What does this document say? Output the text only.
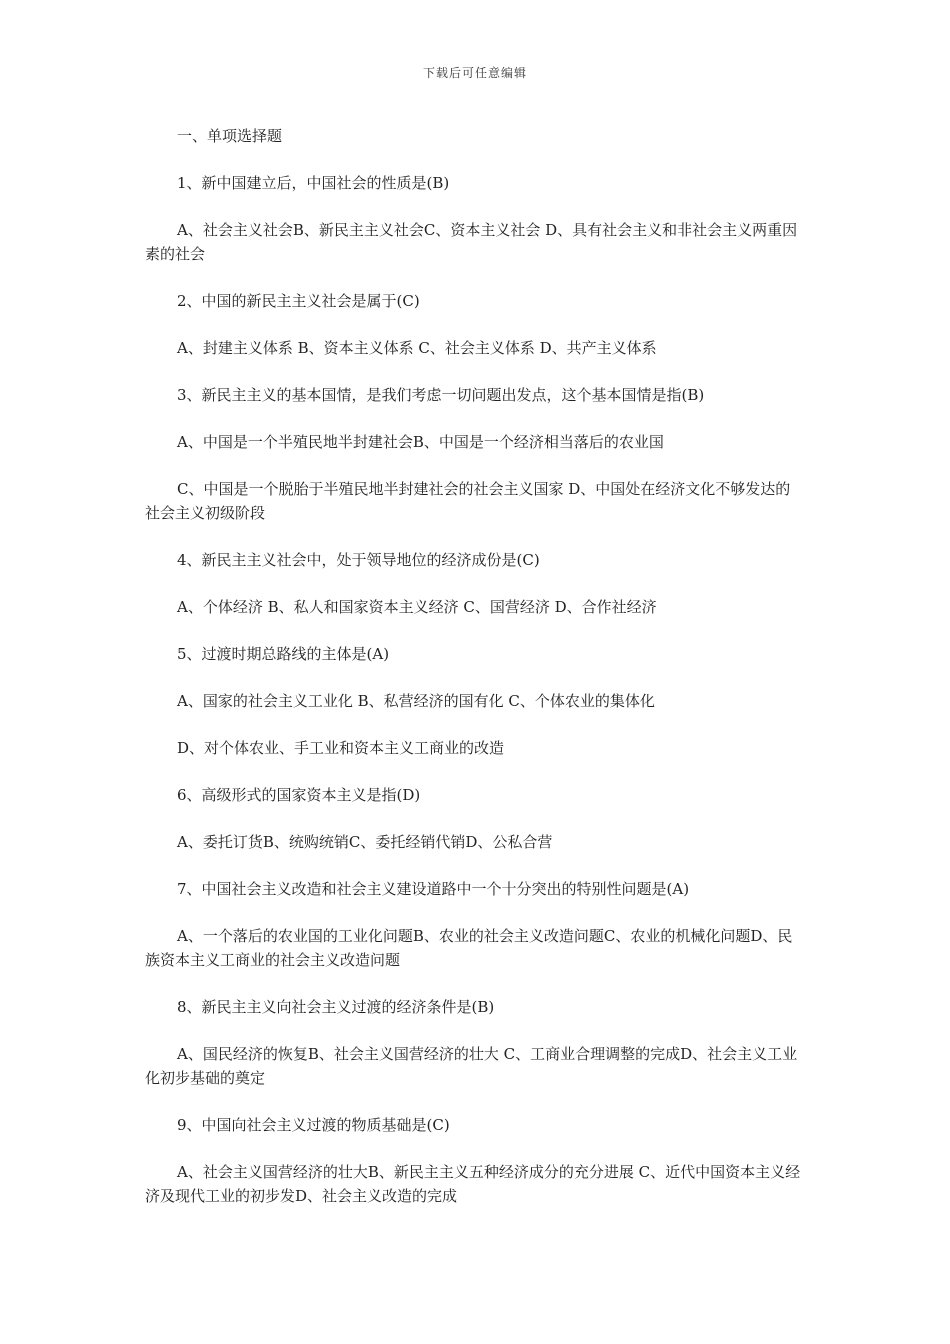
下载后可任意编辑

一、单项选择题

1、新中国建立后，中国社会的性质是(B)

A、社会主义社会B、新民主主义社会C、资本主义社会 D、具有社会主义和非社会主义两重因素的社会

2、中国的新民主主义社会是属于(C)

A、封建主义体系 B、资本主义体系 C、社会主义体系 D、共产主义体系

3、新民主主义的基本国情，是我们考虑一切问题出发点，这个基本国情是指(B)

A、中国是一个半殖民地半封建社会B、中国是一个经济相当落后的农业国

C、中国是一个脱胎于半殖民地半封建社会的社会主义国家 D、中国处在经济文化不够发达的社会主义初级阶段

4、新民主主义社会中，处于领导地位的经济成份是(C)

A、个体经济 B、私人和国家资本主义经济 C、国营经济 D、合作社经济

5、过渡时期总路线的主体是(A)

A、国家的社会主义工业化 B、私营经济的国有化 C、个体农业的集体化

D、对个体农业、手工业和资本主义工商业的改造

6、高级形式的国家资本主义是指(D)

A、委托订货B、统购统销C、委托经销代销D、公私合营

7、中国社会主义改造和社会主义建设道路中一个十分突出的特别性问题是(A)

A、一个落后的农业国的工业化问题B、农业的社会主义改造问题C、农业的机械化问题D、民族资本主义工商业的社会主义改造问题

8、新民主主义向社会主义过渡的经济条件是(B)

A、国民经济的恢复B、社会主义国营经济的壮大 C、工商业合理调整的完成D、社会主义工业化初步基础的奠定

9、中国向社会主义过渡的物质基础是(C)

A、社会主义国营经济的壮大B、新民主主义五种经济成分的充分进展 C、近代中国资本主义经济及现代工业的初步发D、社会主义改造的完成
